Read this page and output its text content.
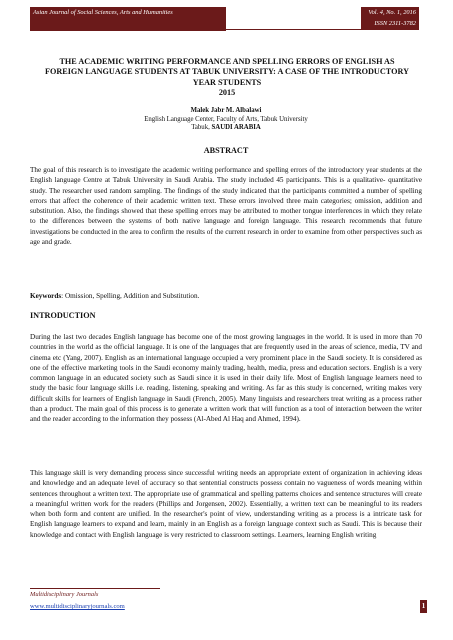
Asian Journal of Social Sciences, Arts and Humanities	Vol. 4, No. 1, 2016
ISSN 2311-3782
THE ACADEMIC WRITING PERFORMANCE AND SPELLING ERRORS OF ENGLISH AS FOREIGN LANGUAGE STUDENTS AT TABUK UNIVERSITY: A CASE OF THE INTRODUCTORY YEAR STUDENTS
2015
Malek Jabr M. Albalawi
English Language Center, Faculty of Arts, Tabuk University
Tabuk, SAUDI ARABIA
ABSTRACT

The goal of this research is to investigate the academic writing performance and spelling errors of the introductory year students at the English language Centre at Tabuk University in Saudi Arabia. The study included 45 participants. This is a qualitative- quantitative study. The researcher used random sampling. The findings of the study indicated that the participants committed a number of spelling errors that affect the coherence of their academic written text. These errors involved three main categories; omission, addition and substitution. Also, the findings showed that these spelling errors may be attributed to mother tongue interferences in which they relate to the differences between the systems of both native language and foreign language. This research recommends that future investigations be conducted in the area to confirm the results of the current research in order to examine from other perspectives such as age and grade.

Keywords: Omission, Spelling, Addition and Substitution.

INTRODUCTION

During the last two decades English language has become one of the most growing languages in the world. It is used in more than 70 countries in the world as the official language. It is one of the languages that are frequently used in the areas of science, media, TV and cinema etc (Yang, 2007). English as an international language occupied a very prominent place in the Saudi society. It is considered as one of the effective marketing tools in the Saudi economy mainly trading, health, media, press and education sectors. English is a very common language in an educated society such as Saudi since it is used in their daily life. Most of English language learners need to study the basic four language skills i.e. reading, listening, speaking and writing. As far as this study is concerned, writing makes very difficult skills for learners of English language in Saudi (French, 2005). Many linguists and researchers treat writing as a process rather than a product. The main goal of this process is to generate a written work that will function as a tool of interaction between the writer and the reader according to the information they possess (Al-Abed Al Haq and Ahmed, 1994).

This language skill is very demanding process since successful writing needs an appropriate extent of organization in achieving ideas and knowledge and an adequate level of accuracy so that sentential constructs possess contain no vagueness of words meaning within sentences throughout a written text. The appropriate use of grammatical and spelling patterns choices and sentence structures will create a meaningful written work for the readers (Phillips and Jorgensen, 2002). Essentially, a written text can be meaningful to its readers when both form and content are unified. In the researcher's point of view, understanding writing as a process is a intricate task for English language learners to expand and learn, mainly in an English as a foreign language context such as Saudi. This is because their knowledge and contact with English language is very restricted to classroom settings. Learners, learning English writing

Multidisciplinary Journals
www.multidisciplinaryjournals.com	1
